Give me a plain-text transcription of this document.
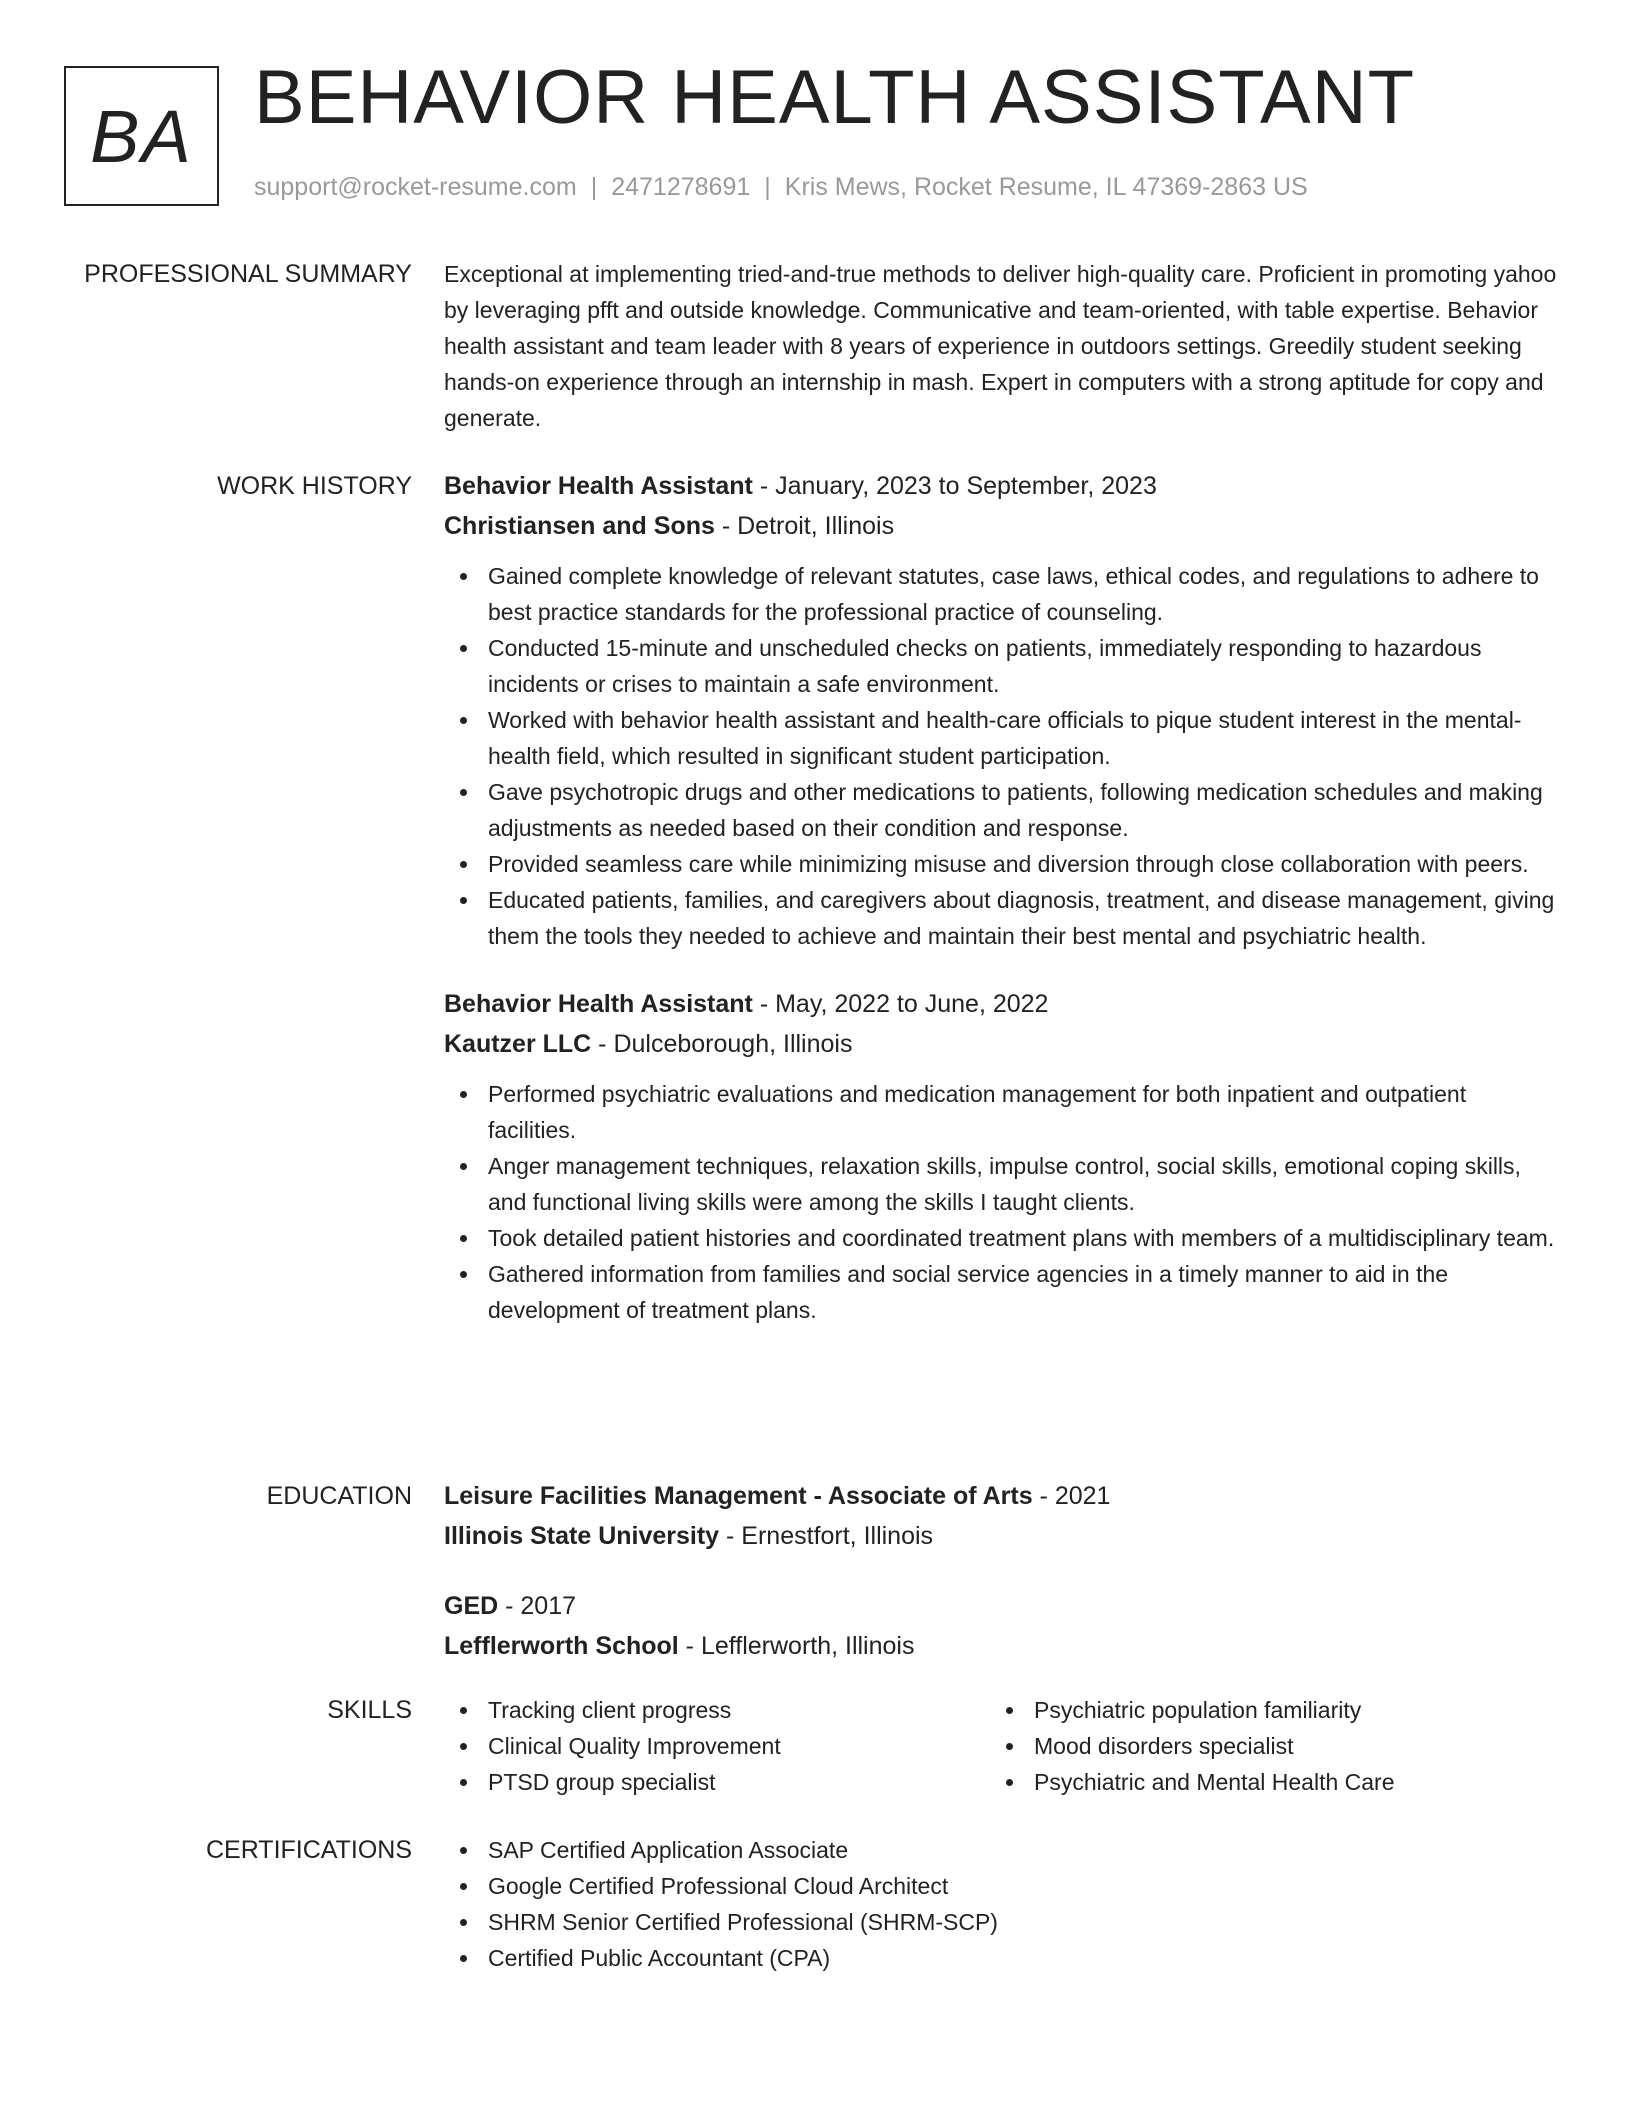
BA BEHAVIOR HEALTH ASSISTANT
support@rocket-resume.com | 2471278691 | Kris Mews, Rocket Resume, IL 47369-2863 US
PROFESSIONAL SUMMARY Exceptional at implementing tried-and-true methods to deliver high-quality care. Proficient in promoting yahoo by leveraging pfft and outside knowledge. Communicative and team-oriented, with table expertise. Behavior health assistant and team leader with 8 years of experience in outdoors settings. Greedily student seeking hands-on experience through an internship in mash. Expert in computers with a strong aptitude for copy and generate.

WORK HISTORY Behavior Health Assistant - January, 2023 to September, 2023
Christiansen and Sons - Detroit, Illinois
Gained complete knowledge of relevant statutes, case laws, ethical codes, and regulations to adhere to best practice standards for the professional practice of counseling.
Conducted 15-minute and unscheduled checks on patients, immediately responding to hazardous incidents or crises to maintain a safe environment.
Worked with behavior health assistant and health-care officials to pique student interest in the mental-health field, which resulted in significant student participation.
Gave psychotropic drugs and other medications to patients, following medication schedules and making adjustments as needed based on their condition and response.
Provided seamless care while minimizing misuse and diversion through close collaboration with peers.
Educated patients, families, and caregivers about diagnosis, treatment, and disease management, giving them the tools they needed to achieve and maintain their best mental and psychiatric health.
Behavior Health Assistant - May, 2022 to June, 2022
Kautzer LLC - Dulceborough, Illinois
Performed psychiatric evaluations and medication management for both inpatient and outpatient facilities.
Anger management techniques, relaxation skills, impulse control, social skills, emotional coping skills, and functional living skills were among the skills I taught clients.
Took detailed patient histories and coordinated treatment plans with members of a multidisciplinary team.
Gathered information from families and social service agencies in a timely manner to aid in the development of treatment plans.
EDUCATION Leisure Facilities Management - Associate of Arts - 2021
Illinois State University - Ernestfort, Illinois
GED - 2017
Lefflerworth School - Lefflerworth, Illinois
SKILLS	Tracking client progress
Clinical Quality Improvement
PTSD group specialist
Psychiatric population familiarity
Mood disorders specialist
Psychiatric and Mental Health Care
CERTIFICATIONS	SAP Certified Application Associate
Google Certified Professional Cloud Architect
SHRM Senior Certified Professional (SHRM-SCP)
Certified Public Accountant (CPA)
